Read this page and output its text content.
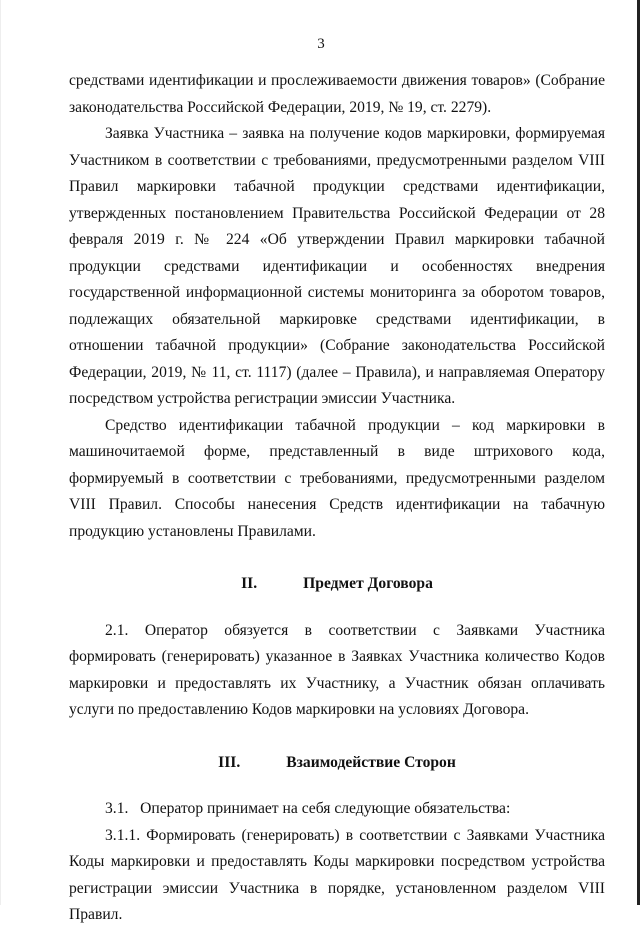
3

средствами идентификации и прослеживаемости движения товаров» (Собрание законодательства Российской Федерации, 2019, № 19, ст. 2279).

Заявка Участника – заявка на получение кодов маркировки, формируемая Участником в соответствии с требованиями, предусмотренными разделом VIII Правил маркировки табачной продукции средствами идентификации, утвержденных постановлением Правительства Российской Федерации от 28 февраля 2019 г. № 224 «Об утверждении Правил маркировки табачной продукции средствами идентификации и особенностях внедрения государственной информационной системы мониторинга за оборотом товаров, подлежащих обязательной маркировке средствами идентификации, в отношении табачной продукции» (Собрание законодательства Российской Федерации, 2019, № 11, ст. 1117) (далее – Правила), и направляемая Оператору посредством устройства регистрации эмиссии Участника.

Средство идентификации табачной продукции – код маркировки в машиночитаемой форме, представленный в виде штрихового кода, формируемый в соответствии с требованиями, предусмотренными разделом VIII Правил. Способы нанесения Средств идентификации на табачную продукцию установлены Правилами.

II.	Предмет Договора

2.1. Оператор обязуется в соответствии с Заявками Участника формировать (генерировать) указанное в Заявках Участника количество Кодов маркировки и предоставлять их Участнику, а Участник обязан оплачивать услуги по предоставлению Кодов маркировки на условиях Договора.

III.	Взаимодействие Сторон

3.1.   Оператор принимает на себя следующие обязательства:

3.1.1. Формировать (генерировать) в соответствии с Заявками Участника Коды маркировки и предоставлять Коды маркировки посредством устройства регистрации эмиссии Участника в порядке, установленном разделом VIII Правил.
